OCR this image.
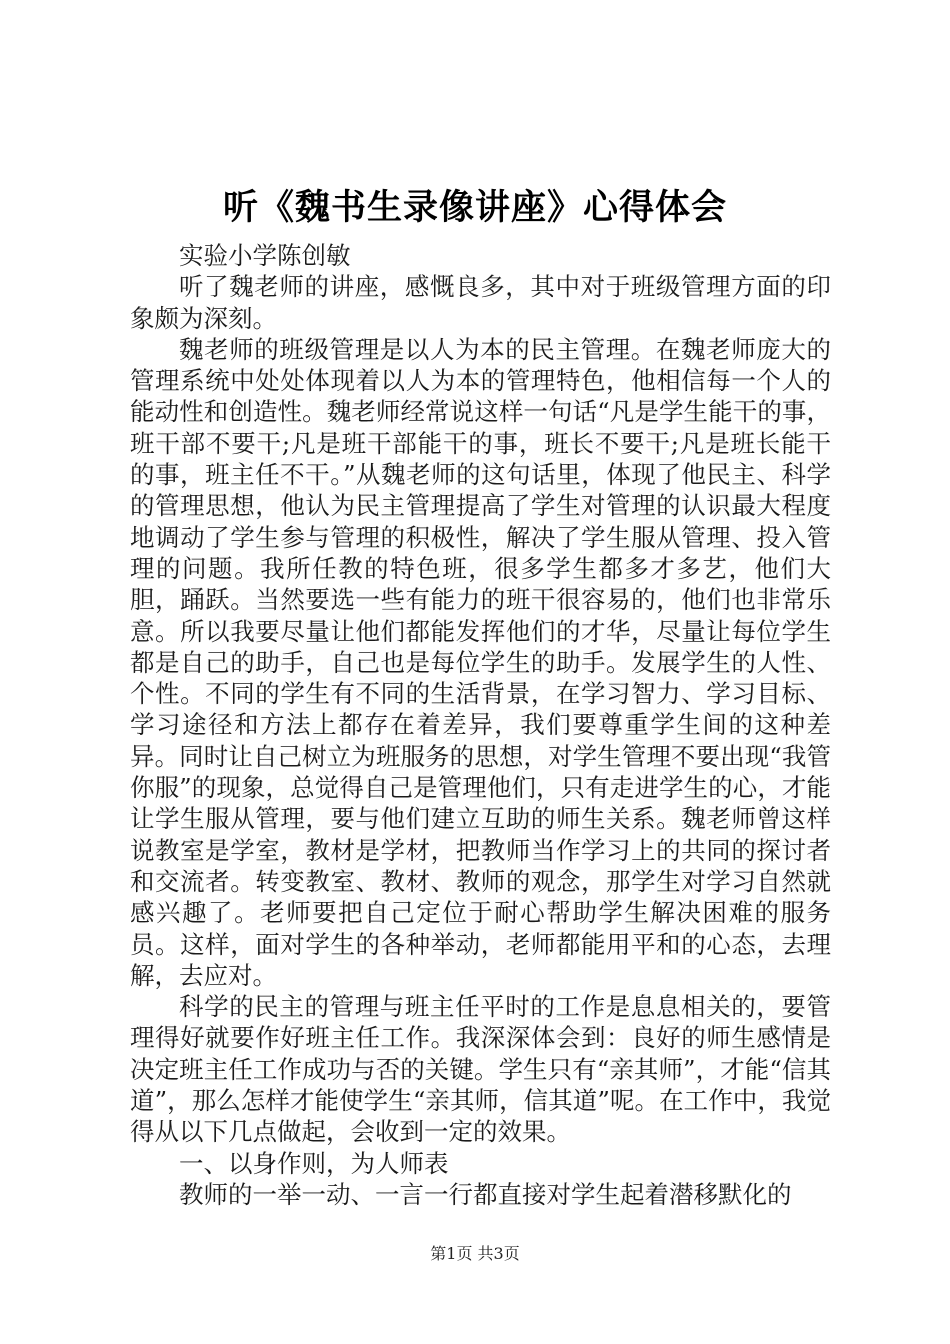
听《魏书生录像讲座》心得体会

实验小学陈创敏

听了魏老师的讲座，感慨良多，其中对于班级管理方面的印象颇为深刻。

魏老师的班级管理是以人为本的民主管理。在魏老师庞大的管理系统中处处体现着以人为本的管理特色，他相信每一个人的能动性和创造性。魏老师经常说这样一句话“凡是学生能干的事，班干部不要干;凡是班干部能干的事，班长不要干;凡是班长能干的事，班主任不干。”从魏老师的这句话里，体现了他民主、科学的管理思想，他认为民主管理提高了学生对管理的认识最大程度地调动了学生参与管理的积极性，解决了学生服从管理、投入管理的问题。我所任教的特色班，很多学生都多才多艺，他们大胆，踊跃。当然要选一些有能力的班干很容易的，他们也非常乐意。所以我要尽量让他们都能发挥他们的才华，尽量让每位学生都是自己的助手，自己也是每位学生的助手。发展学生的人性、个性。不同的学生有不同的生活背景，在学习智力、学习目标、学习途径和方法上都存在着差异，我们要尊重学生间的这种差异。同时让自己树立为班服务的思想，对学生管理不要出现“我管你服”的现象，总觉得自己是管理他们，只有走进学生的心，才能让学生服从管理，要与他们建立互助的师生关系。魏老师曾这样说教室是学室，教材是学材，把教师当作学习上的共同的探讨者和交流者。转变教室、教材、教师的观念，那学生对学习自然就感兴趣了。老师要把自己定位于耐心帮助学生解决困难的服务员。这样，面对学生的各种举动，老师都能用平和的心态，去理解，去应对。

科学的民主的管理与班主任平时的工作是息息相关的，要管理得好就要作好班主任工作。我深深体会到：良好的师生感情是决定班主任工作成功与否的关键。学生只有“亲其师”，才能“信其道”，那么怎样才能使学生“亲其师，信其道”呢。在工作中，我觉得从以下几点做起，会收到一定的效果。

一、以身作则，为人师表

教师的一举一动、一言一行都直接对学生起着潜移默化的

第1页 共3页
